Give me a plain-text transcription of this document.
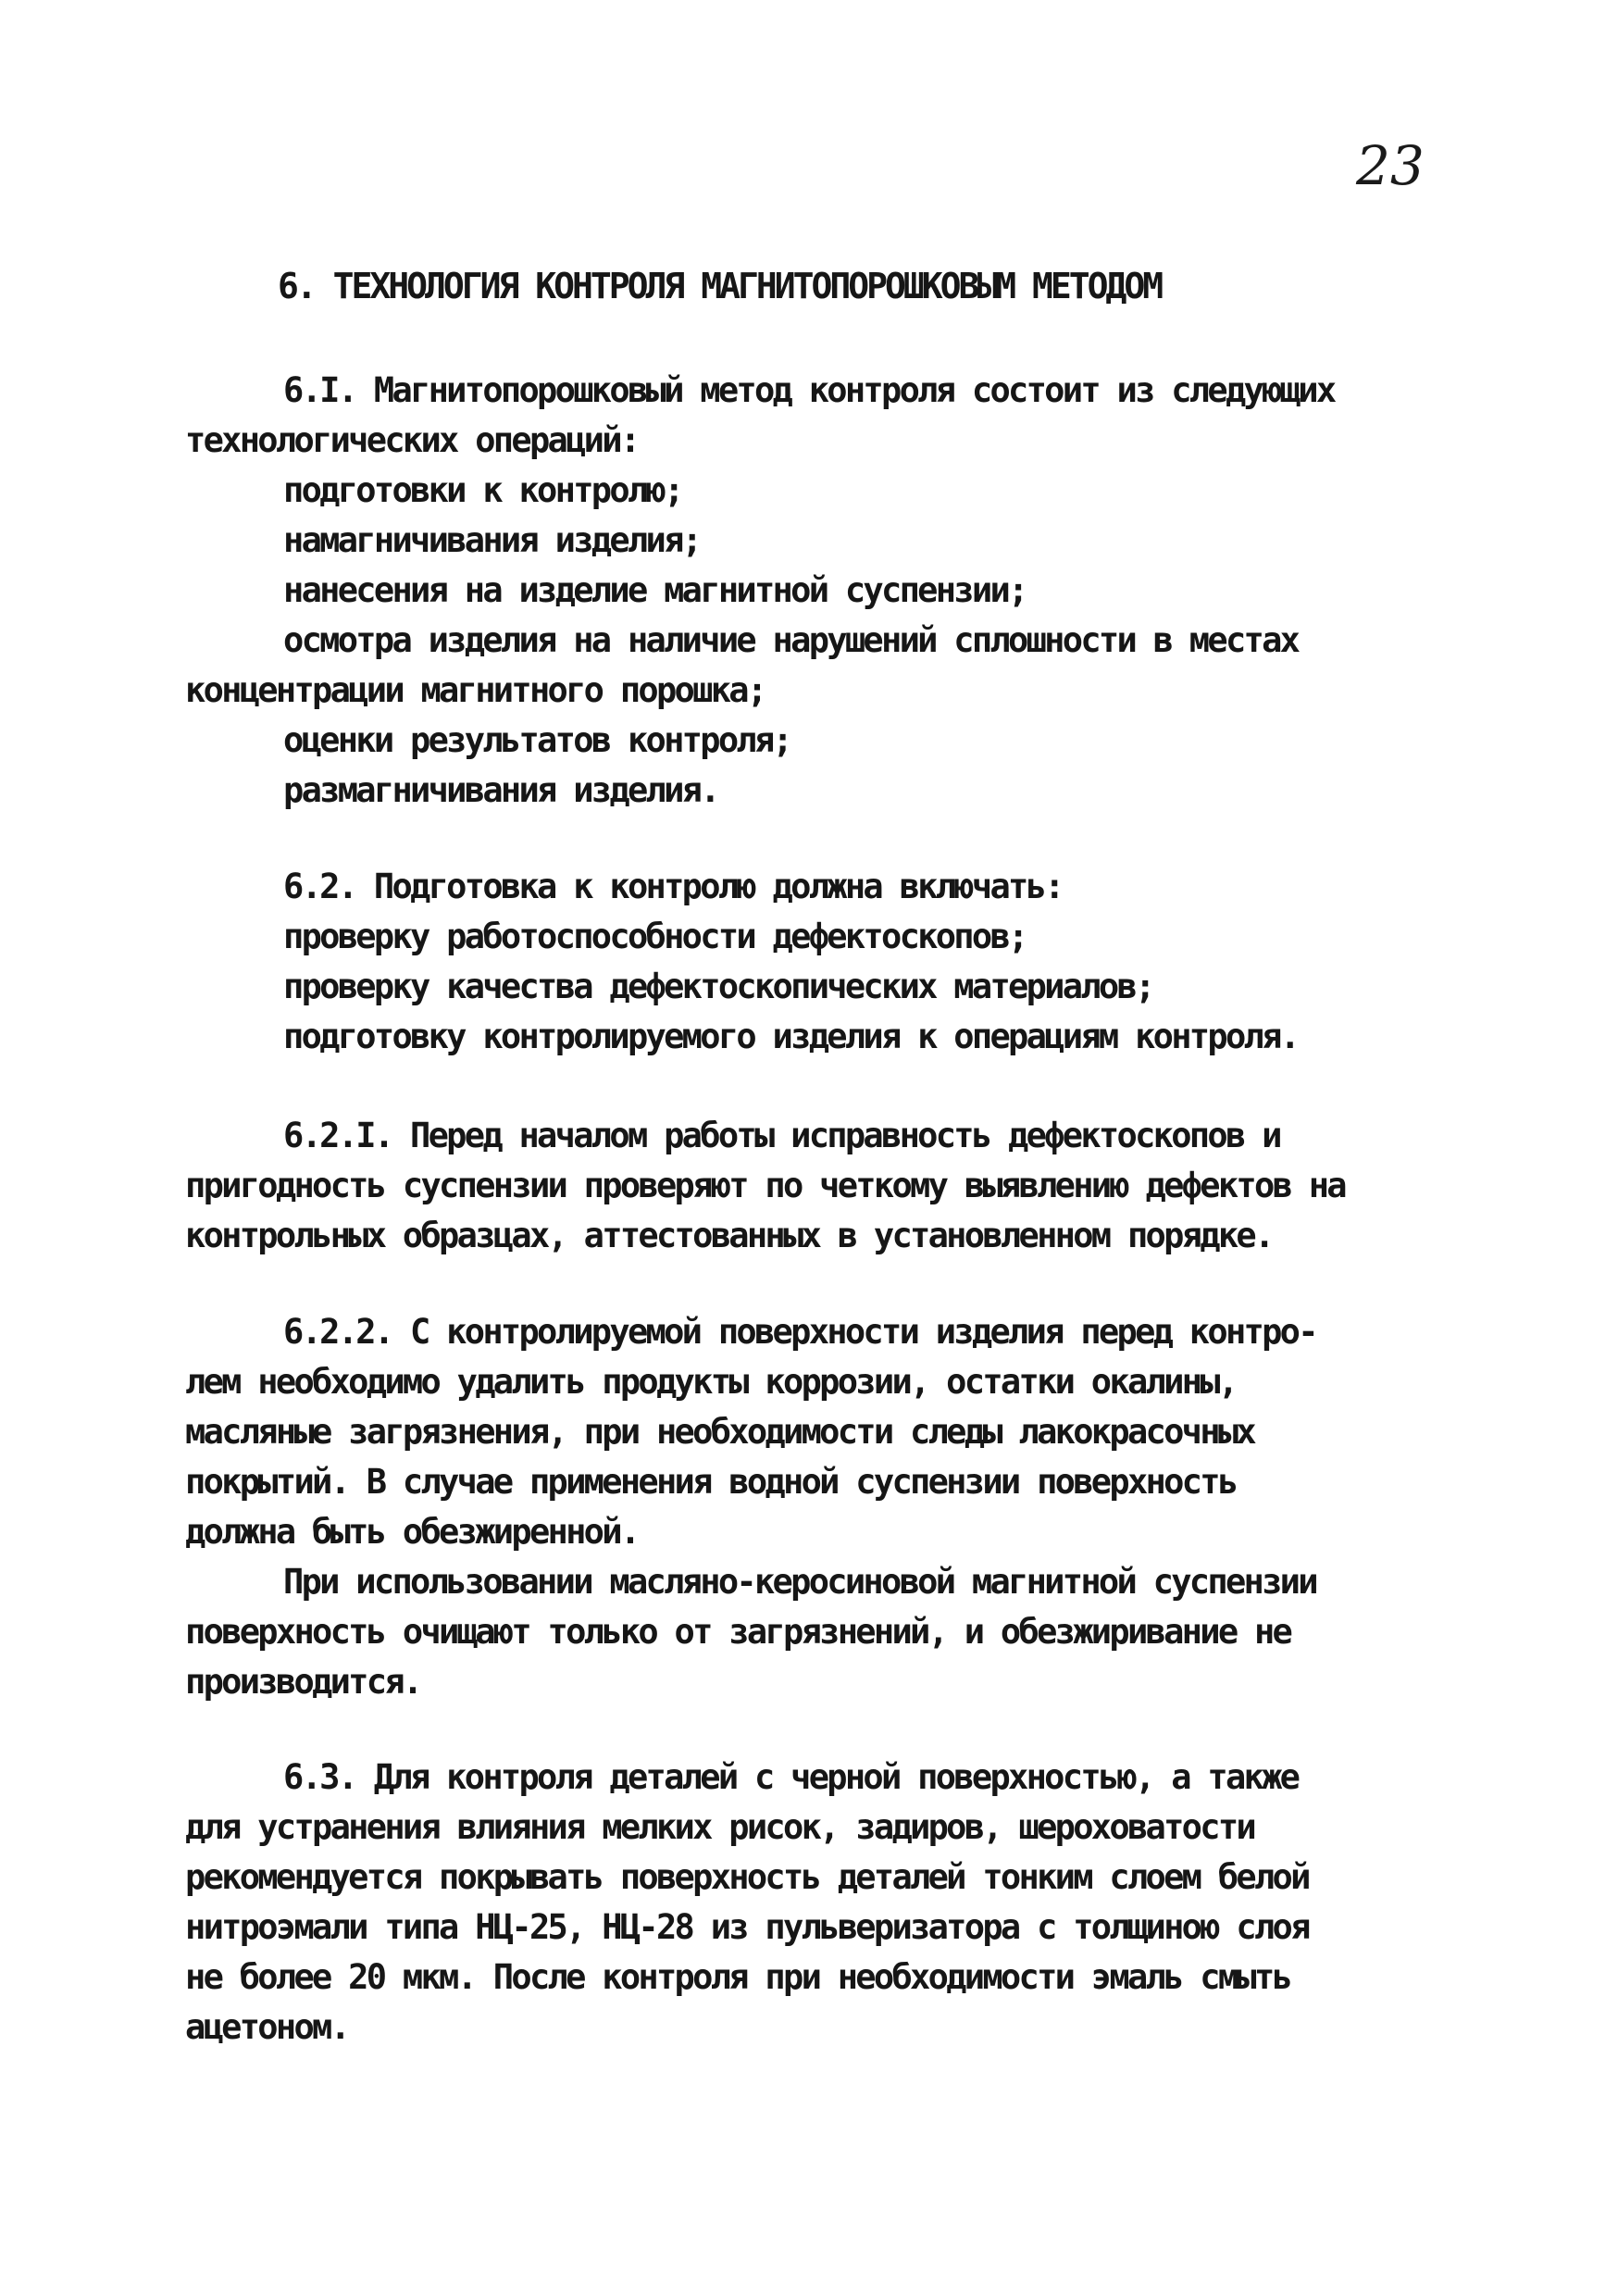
23
6. ТЕХНОЛОГИЯ КОНТРОЛЯ МАГНИТОПОРОШКОВЫМ МЕТОДОМ
6.I. Магнитопорошковый метод контроля состоит из следующих
технологических операций:
подготовки к контролю;
намагничивания изделия;
нанесения на изделие магнитной суспензии;
осмотра изделия на наличие нарушений сплошности в местах
концентрации магнитного порошка;
оценки результатов контроля;
размагничивания изделия.
6.2. Подготовка к контролю должна включать:
проверку работоспособности дефектоскопов;
проверку качества дефектоскопических материалов;
подготовку контролируемого изделия к операциям контроля.
6.2.I. Перед началом работы исправность дефектоскопов и
пригодность суспензии проверяют по четкому выявлению дефектов на
контрольных образцах, аттестованных в установленном порядке.
6.2.2. С контролируемой поверхности изделия перед контро-
лем необходимо удалить продукты коррозии, остатки окалины,
масляные загрязнения, при необходимости следы лакокрасочных
покрытий. В случае применения водной суспензии поверхность
должна быть обезжиренной.
При использовании масляно-керосиновой магнитной суспензии
поверхность очищают только от загрязнений, и обезжиривание не
производится.
6.3. Для контроля деталей с черной поверхностью, а также
для устранения влияния мелких рисок, задиров, шероховатости
рекомендуется покрывать поверхность деталей тонким слоем белой
нитроэмали типа НЦ-25, НЦ-28 из пульверизатора с толщиною слоя
не более 20 мкм. После контроля при необходимости эмаль смыть
ацетоном.
